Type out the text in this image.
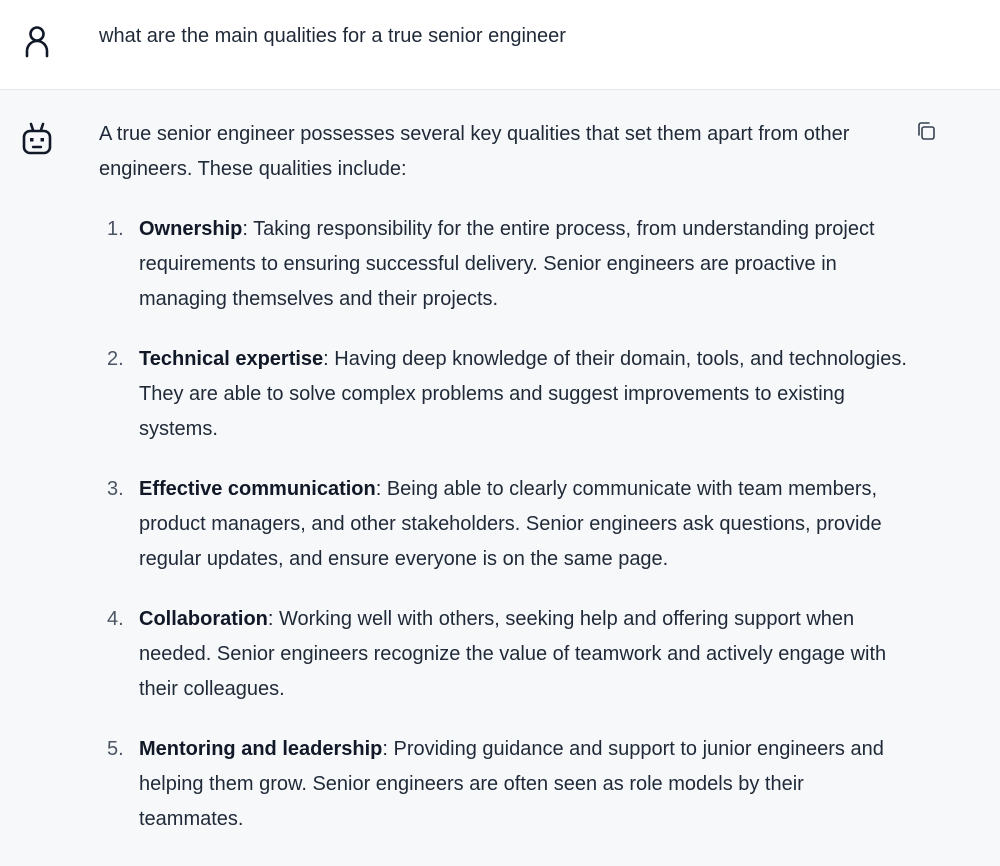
what are the main qualities for a true senior engineer

A true senior engineer possesses several key qualities that set them apart from other engineers. These qualities include:

1. Ownership: Taking responsibility for the entire process, from understanding project requirements to ensuring successful delivery. Senior engineers are proactive in managing themselves and their projects.
2. Technical expertise: Having deep knowledge of their domain, tools, and technologies. They are able to solve complex problems and suggest improvements to existing systems.
3. Effective communication: Being able to clearly communicate with team members, product managers, and other stakeholders. Senior engineers ask questions, provide regular updates, and ensure everyone is on the same page.
4. Collaboration: Working well with others, seeking help and offering support when needed. Senior engineers recognize the value of teamwork and actively engage with their colleagues.
5. Mentoring and leadership: Providing guidance and support to junior engineers and helping them grow. Senior engineers are often seen as role models by their teammates.
